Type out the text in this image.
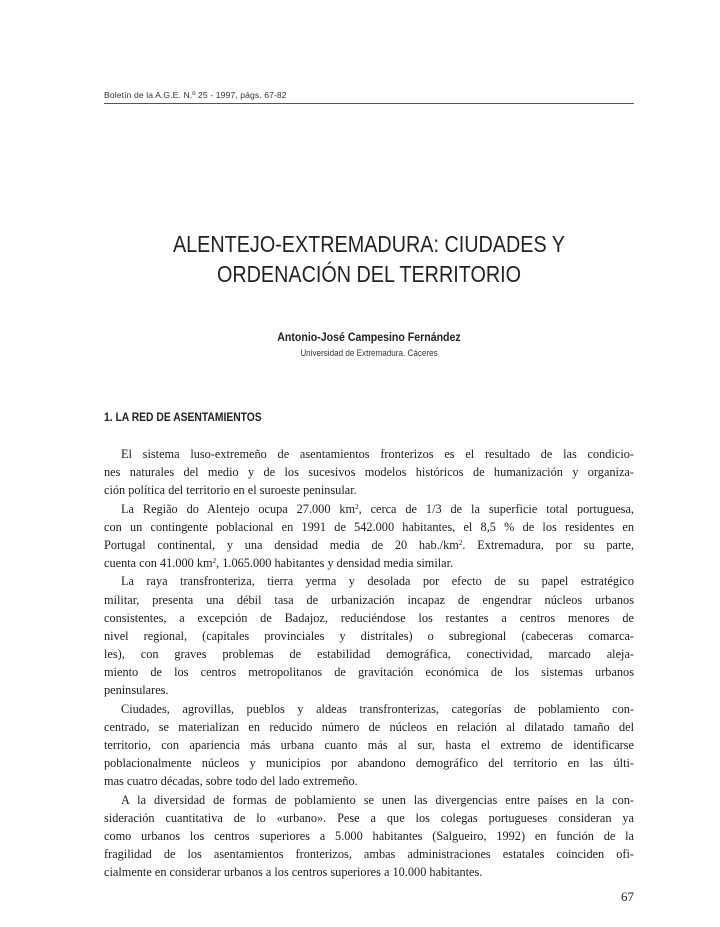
Boletín de la A.G.E. N.º 25 - 1997, págs. 67-82
ALENTEJO-EXTREMADURA: CIUDADES Y
ORDENACIÓN DEL TERRITORIO
Antonio-José Campesino Fernández
Universidad de Extremadura. Cáceres
1. LA RED DE ASENTAMIENTOS
El sistema luso-extremeño de asentamientos fronterizos es el resultado de las condicio-
nes naturales del medio y de los sucesivos modelos históricos de humanización y organiza-
ción política del territorio en el suroeste peninsular.
La Região do Alentejo ocupa 27.000 $km^2$, cerca de 1/3 de la superficie total portuguesa,
con un contingente poblacional en 1991 de 542.000 habitantes, el 8,5 % de los residentes en
Portugal continental, y una densidad media de 20 $hab./km^2$. Extremadura, por su parte,
cuenta con 41.000 $km^2$, 1.065.000 habitantes y densidad media similar.
La raya transfronteriza, tierra yerma y desolada por efecto de su papel estratégico
militar, presenta una débil tasa de urbanización incapaz de engendrar núcleos urbanos
consistentes, a excepción de Badajoz, reduciéndose los restantes a centros menores de
nivel regional, (capitales provinciales y distritales) o subregional (cabeceras comarca-
les), con graves problemas de estabilidad demográfica, conectividad, marcado aleja-
miento de los centros metropolitanos de gravitación económica de los sistemas urbanos
peninsulares.
Ciudades, agrovillas, pueblos y aldeas transfronterizas, categorías de poblamiento con-
centrado, se materializan en reducido número de núcleos en relación al dilatado tamaño del
territorio, con apariencia más urbana cuanto más al sur, hasta el extremo de identificarse
poblacionalmente núcleos y municipios por abandono demográfico del territorio en las últi-
mas cuatro décadas, sobre todo del lado extremeño.
A la diversidad de formas de poblamiento se unen las divergencias entre países en la con-
sideración cuantitativa de lo «urbano». Pese a que los colegas portugueses consideran ya
como urbanos los centros superiores a 5.000 habitantes (Salgueiro, 1992) en función de la
fragilidad de los asentamientos fronterizos, ambas administraciones estatales coinciden ofi-
cialmente en considerar urbanos a los centros superiores a 10.000 habitantes.
67
